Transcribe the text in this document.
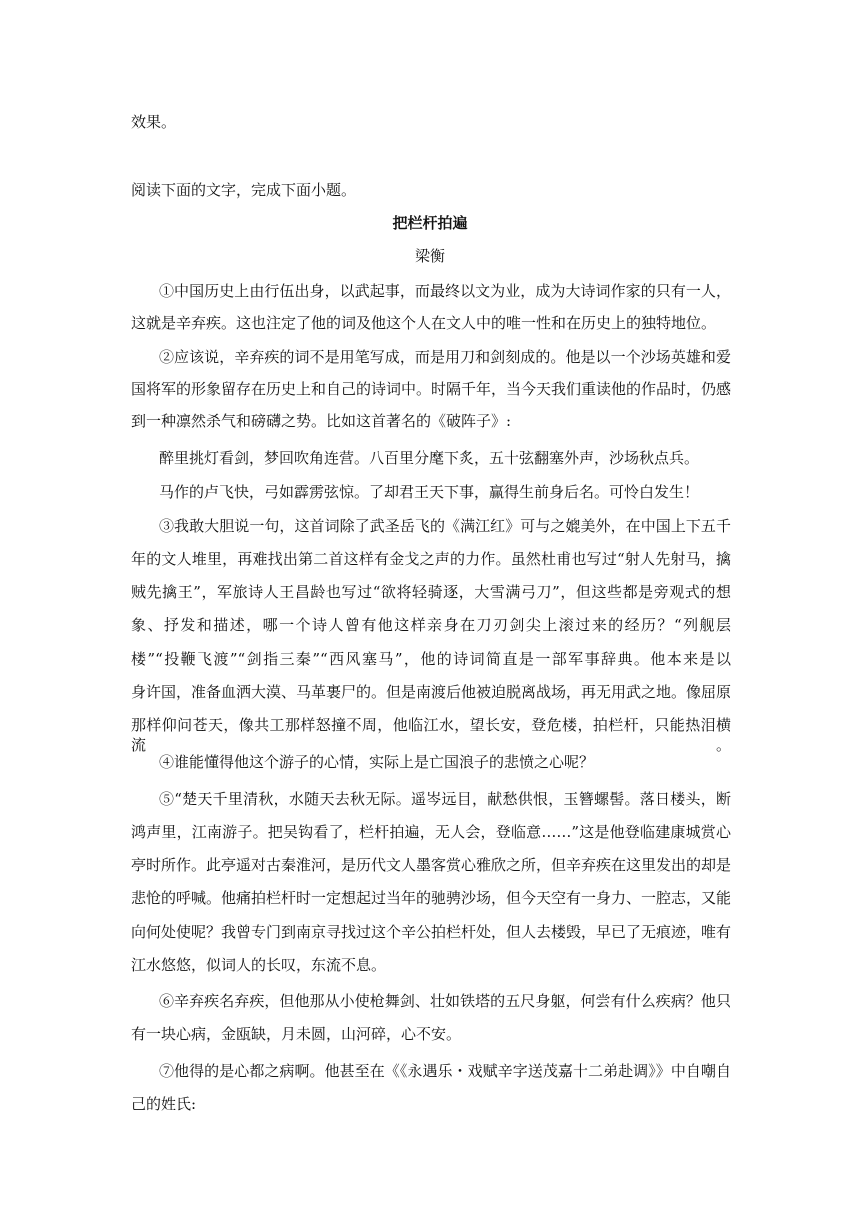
效果。
阅读下面的文字，完成下面小题。
把栏杆拍遍
梁衡
①中国历史上由行伍出身，以武起事，而最终以文为业，成为大诗词作家的只有一人，
这就是辛弃疾。这也注定了他的词及他这个人在文人中的唯一性和在历史上的独特地位。
②应该说，辛弃疾的词不是用笔写成，而是用刀和剑刻成的。他是以一个沙场英雄和爱
国将军的形象留存在历史上和自己的诗词中。时隔千年，当今天我们重读他的作品时，仍感
到一种凛然杀气和磅礴之势。比如这首著名的《破阵子》:
醉里挑灯看剑，梦回吹角连营。八百里分麾下炙，五十弦翻塞外声，沙场秋点兵。
马作的卢飞快，弓如霹雳弦惊。了却君王天下事，赢得生前身后名。可怜白发生！
③我敢大胆说一句，这首词除了武圣岳飞的《满江红》可与之媲美外，在中国上下五千
年的文人堆里，再难找出第二首这样有金戈之声的力作。虽然杜甫也写过“射人先射马，擒
贼先擒王”，军旅诗人王昌龄也写过“欲将轻骑逐，大雪满弓刀”，但这些都是旁观式的想
象、抒发和描述，哪一个诗人曾有他这样亲身在刀刃剑尖上滚过来的经历？“列舰层
楼”“投鞭飞渡”“剑指三秦”“西风塞马”，他的诗词简直是一部军事辞典。他本来是以
身许国，准备血洒大漠、马革裹尸的。但是南渡后他被迫脱离战场，再无用武之地。像屈原
那样仰问苍天，像共工那样怒撞不周，他临江水，望长安，登危楼，拍栏杆，只能热泪横流。
④谁能懂得他这个游子的心情，实际上是亡国浪子的悲愤之心呢？
⑤“楚天千里清秋，水随天去秋无际。遥岑远目，献愁供恨，玉簪螺髻。落日楼头，断
鸿声里，江南游子。把吴钩看了，栏杆拍遍，无人会，登临意……”这是他登临建康城赏心
亭时所作。此亭遥对古秦淮河，是历代文人墨客赏心雅欣之所，但辛弃疾在这里发出的却是
悲怆的呼喊。他痛拍栏杆时一定想起过当年的驰骋沙场，但今天空有一身力、一腔志，又能
向何处使呢？我曾专门到南京寻找过这个辛公拍栏杆处，但人去楼毁，早已了无痕迹，唯有
江水悠悠，似词人的长叹，东流不息。
⑥辛弃疾名弃疾，但他那从小使枪舞剑、壮如铁塔的五尺身躯，何尝有什么疾病？他只
有一块心病，金瓯缺，月未圆，山河碎，心不安。
⑦他得的是心都之病啊。他甚至在《《永遇乐・戏赋辛字送茂嘉十二弟赴调》》中自嘲自
己的姓氏:
